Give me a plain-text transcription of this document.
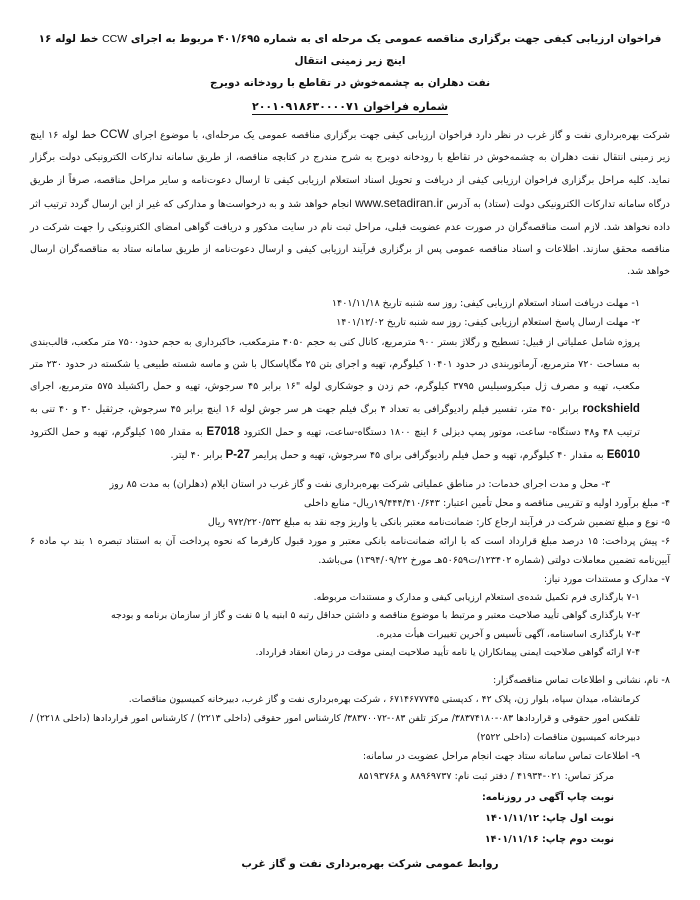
فراخوان ارزیابی کیفی جهت برگزاری مناقصه عمومی یک مرحله ای به شماره ۴۰۱/۶۹۵ مربوط به اجرای CCW خط لوله ۱۶ اینچ زیر زمینی انتقال
نفت دهلران به چشمه‌خوش در تقاطع با رودخانه دویرج

شماره فراخوان ۲۰۰۱۰۹۱۸۶۳۰۰۰۰۷۱

شرکت بهره‌برداری نفت و گاز غرب در نظر دارد فراخوان ارزیابی کیفی جهت برگزاری مناقصه عمومی یک مرحله‌ای، با موضوع اجرای CCW خط لوله ۱۶ اینچ زیر زمینی انتقال نفت دهلران به چشمه‌خوش در تقاطع با رودخانه دویرج به شرح مندرج در کتابچه مناقصه، از طریق سامانه تدارکات الکترونیکی دولت برگزار نماید. کلیه مراحل برگزاری فراخوان ارزیابی کیفی از دریافت و تحویل اسناد استعلام ارزیابی کیفی تا ارسال دعوت‌نامه و سایر مراحل مناقصه، صرفاً از طریق درگاه سامانه تدارکات الکترونیکی دولت (ستاد) به آدرس www.setadiran.ir انجام خواهد شد و به درخواست‌ها و مدارکی که غیر از این ارسال گردد ترتیب اثر داده نخواهد شد. لازم است مناقصه‌گران در صورت عدم عضویت قبلی، مراحل ثبت نام در سایت مذکور و دریافت گواهی امضای الکترونیکی را جهت شرکت در مناقصه محقق سازند. اطلاعات و اسناد مناقصه عمومی پس از برگزاری فرآیند ارزیابی کیفی و ارسال دعوت‌نامه از طریق سامانه ستاد به مناقصه‌گران ارسال خواهد شد.

۱- مهلت دریافت اسناد استعلام ارزیابی کیفی: روز سه شنبه تاریخ ۱۴۰۱/۱۱/۱۸

۲- مهلت ارسال پاسخ استعلام ارزیابی کیفی: روز سه شنبه تاریخ ۱۴۰۱/۱۲/۰۲

پروژه شامل عملیاتی از قبیل: تسطیح و رگلاژ بستر ۹۰۰ مترمربع، کانال کنی به حجم ۴۰۵۰ مترمکعب، خاکبرداری به حجم حدود۷۵۰۰ متر مکعب، قالب‌بندی به مساحت ۷۲۰ مترمربع، آرماتوربندی در حدود ۱۰۴۰۱ کیلوگرم، تهیه و اجرای بتن ۲۵ مگاپاسکال با شن و ماسه شسته طبیعی یا شکسته در حدود ۲۳۰ متر مکعب، تهیه و مصرف ژل میکروسیلیس ۳۷۹۵ کیلوگرم، خم زدن و جوشکاری لوله "۱۶ برابر ۴۵ سرجوش، تهیه و حمل راکشیلد ۵۷۵ مترمربع، اجرای rockshield برابر ۴۵۰ متر، تفسیر فیلم رادیوگرافی به تعداد ۴ برگ فیلم جهت هر سر جوش لوله ۱۶ اینچ برابر ۴۵ سرجوش، جرثقیل ۳۰ و ۴۰ تنی به ترتیب ۴۸ و۴۸ دستگاه- ساعت، موتور پمپ دیزلی ۶ اینچ ۱۸۰۰ دستگاه-ساعت، تهیه و حمل الکترود E7018 به مقدار ۱۵۵ کیلوگرم، تهیه و حمل الکترود E6010 به مقدار ۴۰ کیلوگرم، تهیه و حمل فیلم رادیوگرافی برای ۴۵ سرجوش، تهیه و حمل پرایمر P-27 برابر ۴۰ لیتر.

۳- محل و مدت اجرای خدمات: در مناطق عملیاتی شرکت بهره‌برداری نفت و گاز غرب در استان ایلام (دهلران) به مدت ۸۵ روز

۴- مبلغ برآورد اولیه و تقریبی مناقصه و محل تأمین اعتبار: ۱۹/۴۴۴/۴۱۰/۶۴۳ریال- منابع داخلی

۵- نوع و مبلغ تضمین شرکت در فرآیند ارجاع کار: ضمانت‌نامه معتبر بانکی یا واریز وجه نقد به مبلغ ۹۷۲/۲۲۰/۵۳۲ ریال

۶- پیش پرداخت: ۱۵ درصد مبلغ قرارداد است که با ارائه ضمانت‌نامه بانکی معتبر و مورد قبول کارفرما که نحوه پرداخت آن به استناد تبصره ۱ بند پ ماده ۶ آیین‌نامه تضمین معاملات دولتی (شماره ۱۲۳۴۰۲/ت۵۰۶۵۹هـ مورخ ۱۳۹۴/۰۹/۲۲) می‌باشد.

۷- مدارک و مستندات مورد نیاز:

۷-۱ بارگذاری فرم تکمیل شده‌ی استعلام ارزیابی کیفی و مدارک و مستندات مربوطه.

۷-۲ بارگذاری گواهی تأیید صلاحیت معتبر و مرتبط با موضوع مناقصه و داشتن حداقل رتبه ۵ ابنیه یا ۵ نفت و گاز از سازمان برنامه و بودجه

۷-۳ بارگذاری اساسنامه، آگهی تأسیس و آخرین تغییرات هیأت مدیره.

۷-۴ ارائه گواهی صلاحیت ایمنی پیمانکاران یا نامه تأیید صلاحیت ایمنی موقت در زمان انعقاد قرارداد.

۸- نام، نشانی و اطلاعات تماس مناقصه‌گزار:

کرمانشاه، میدان سپاه، بلوار زن، پلاک ۴۲ ، کدپستی ۶۷۱۴۶۷۷۷۴۵ ، شرکت بهره‌برداری نفت و گاز غرب، دبیرخانه کمیسیون مناقصات.

تلفکس امور حقوقی و قراردادها ۰۸۳-۳۸۳۷۴۱۸۰/ مرکز تلفن ۰۸۳-۳۸۳۷۰۰۷۲/ کارشناس امور حقوقی (داخلی ۲۲۱۳) / کارشناس امور قراردادها (داخلی ۲۲۱۸) / دبیرخانه کمیسیون مناقصات (داخلی ۲۵۲۲)

۹- اطلاعات تماس سامانه ستاد جهت انجام مراحل عضویت در سامانه:

مرکز تماس: ۰۲۱-۴۱۹۳۴ / دفتر ثبت نام: ۸۸۹۶۹۷۳۷ و ۸۵۱۹۳۷۶۸

نوبت چاپ آگهی در روزنامه:

نوبت اول چاپ: ۱۴۰۱/۱۱/۱۲

نوبت دوم چاپ: ۱۴۰۱/۱۱/۱۶

روابط عمومی شرکت بهره‌برداری نفت و گاز غرب
